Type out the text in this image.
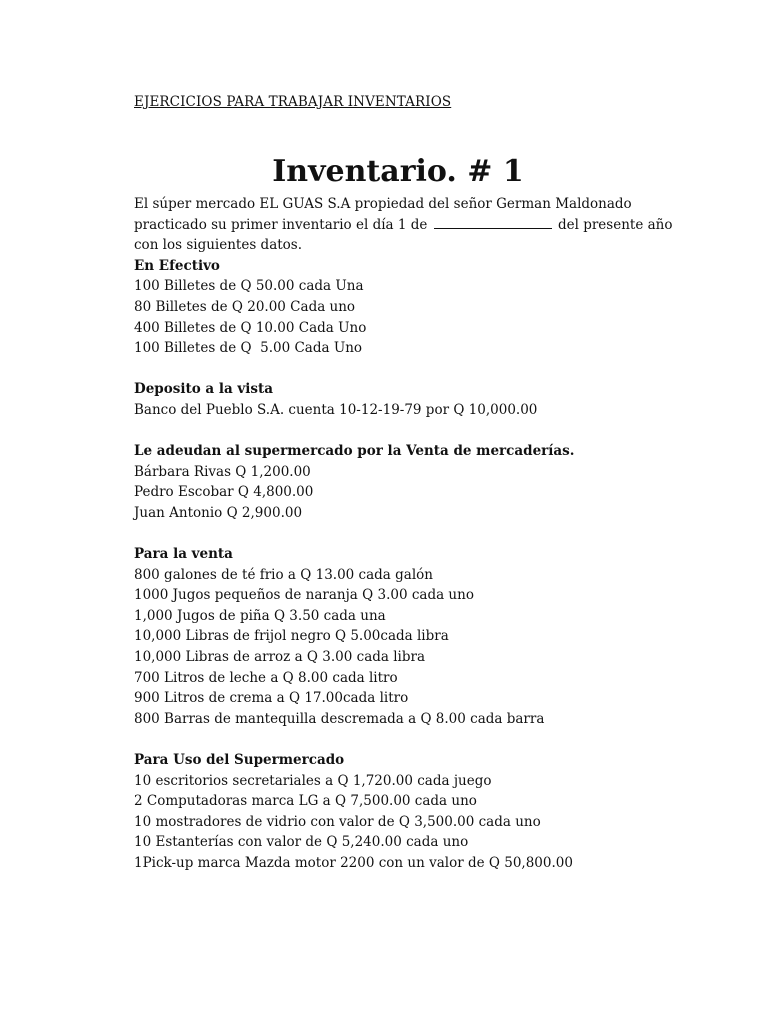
EJERCICIOS PARA TRABAJAR INVENTARIOS
Inventario. # 1
El súper mercado EL GUAS S.A propiedad del señor German Maldonado
practicado su primer inventario el día 1 de	del presente año
con los siguientes datos.
En Efectivo
100 Billetes de Q 50.00 cada Una
80 Billetes de Q 20.00 Cada uno
400 Billetes de Q 10.00 Cada Uno
100 Billetes de Q  5.00 Cada Uno
Deposito a la vista
Banco del Pueblo S.A. cuenta 10-12-19-79 por Q 10,000.00
Le adeudan al supermercado por la Venta de mercaderías.
Bárbara Rivas Q 1,200.00
Pedro Escobar Q 4,800.00
Juan Antonio Q 2,900.00
Para la venta
800 galones de té frio a Q 13.00 cada galón
1000 Jugos pequeños de naranja Q 3.00 cada uno
1,000 Jugos de piña Q 3.50 cada una
10,000 Libras de frijol negro Q 5.00cada libra
10,000 Libras de arroz a Q 3.00 cada libra
700 Litros de leche a Q 8.00 cada litro
900 Litros de crema a Q 17.00cada litro
800 Barras de mantequilla descremada a Q 8.00 cada barra
Para Uso del Supermercado
10 escritorios secretariales a Q 1,720.00 cada juego
2 Computadoras marca LG a Q 7,500.00 cada uno
10 mostradores de vidrio con valor de Q 3,500.00 cada uno
10 Estanterías con valor de Q 5,240.00 cada uno
1Pick-up marca Mazda motor 2200 con un valor de Q 50,800.00
